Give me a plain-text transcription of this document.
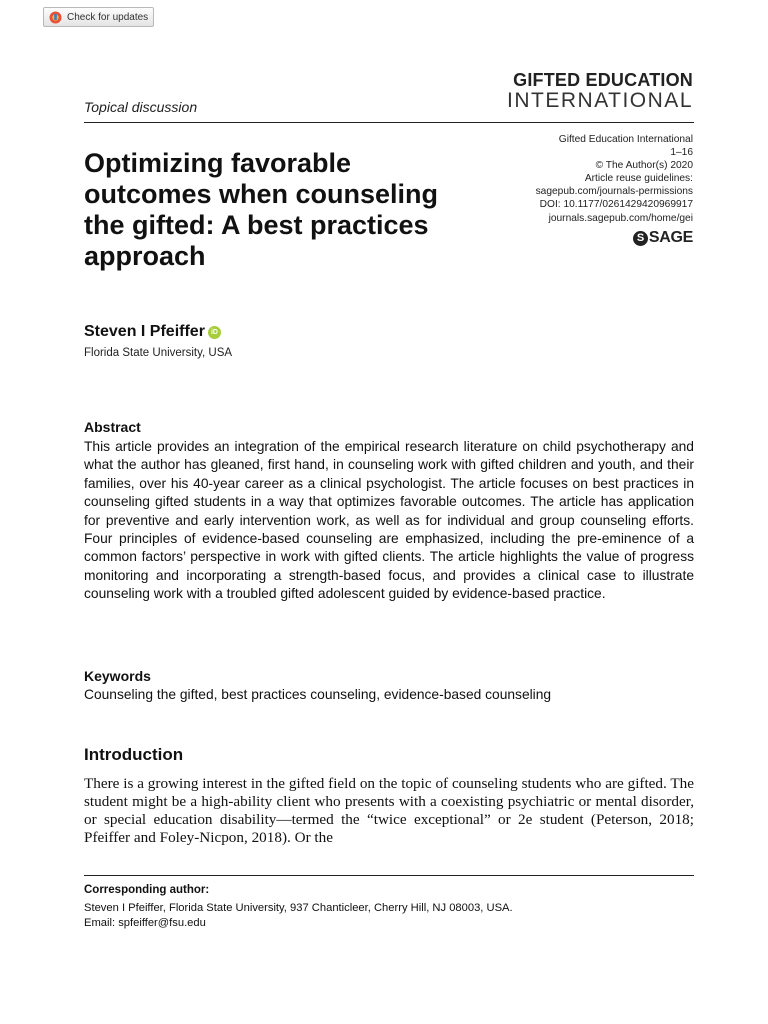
Check for updates
GIFTED EDUCATION
INTERNATIONAL
Topical discussion
Gifted Education International
1–16
© The Author(s) 2020
Article reuse guidelines:
sagepub.com/journals-permissions
DOI: 10.1177/0261429420969917
journals.sagepub.com/home/gei
S SAGE
Optimizing favorable outcomes when counseling the gifted: A best practices approach
Steven I Pfeiffer iD
Florida State University, USA
Abstract

This article provides an integration of the empirical research literature on child psychotherapy and what the author has gleaned, first hand, in counseling work with gifted children and youth, and their families, over his 40-year career as a clinical psychologist. The article focuses on best practices in counseling gifted students in a way that optimizes favorable outcomes. The article has application for preventive and early intervention work, as well as for individual and group counseling efforts. Four principles of evidence-based counseling are emphasized, including the pre-eminence of a common factors’ perspective in work with gifted clients. The article highlights the value of progress monitoring and incorporating a strength-based focus, and provides a clinical case to illustrate counseling work with a troubled gifted adolescent guided by evidence-based practice.

Keywords
Counseling the gifted, best practices counseling, evidence-based counseling
Introduction

There is a growing interest in the gifted field on the topic of counseling students who are gifted. The student might be a high-ability client who presents with a coexisting psychiatric or mental disorder, or special education disability—termed the “twice exceptional” or 2e student (Peterson, 2018; Pfeiffer and Foley-Nicpon, 2018). Or the

Corresponding author:
Steven I Pfeiffer, Florida State University, 937 Chanticleer, Cherry Hill, NJ 08003, USA.
Email: spfeiffer@fsu.edu
